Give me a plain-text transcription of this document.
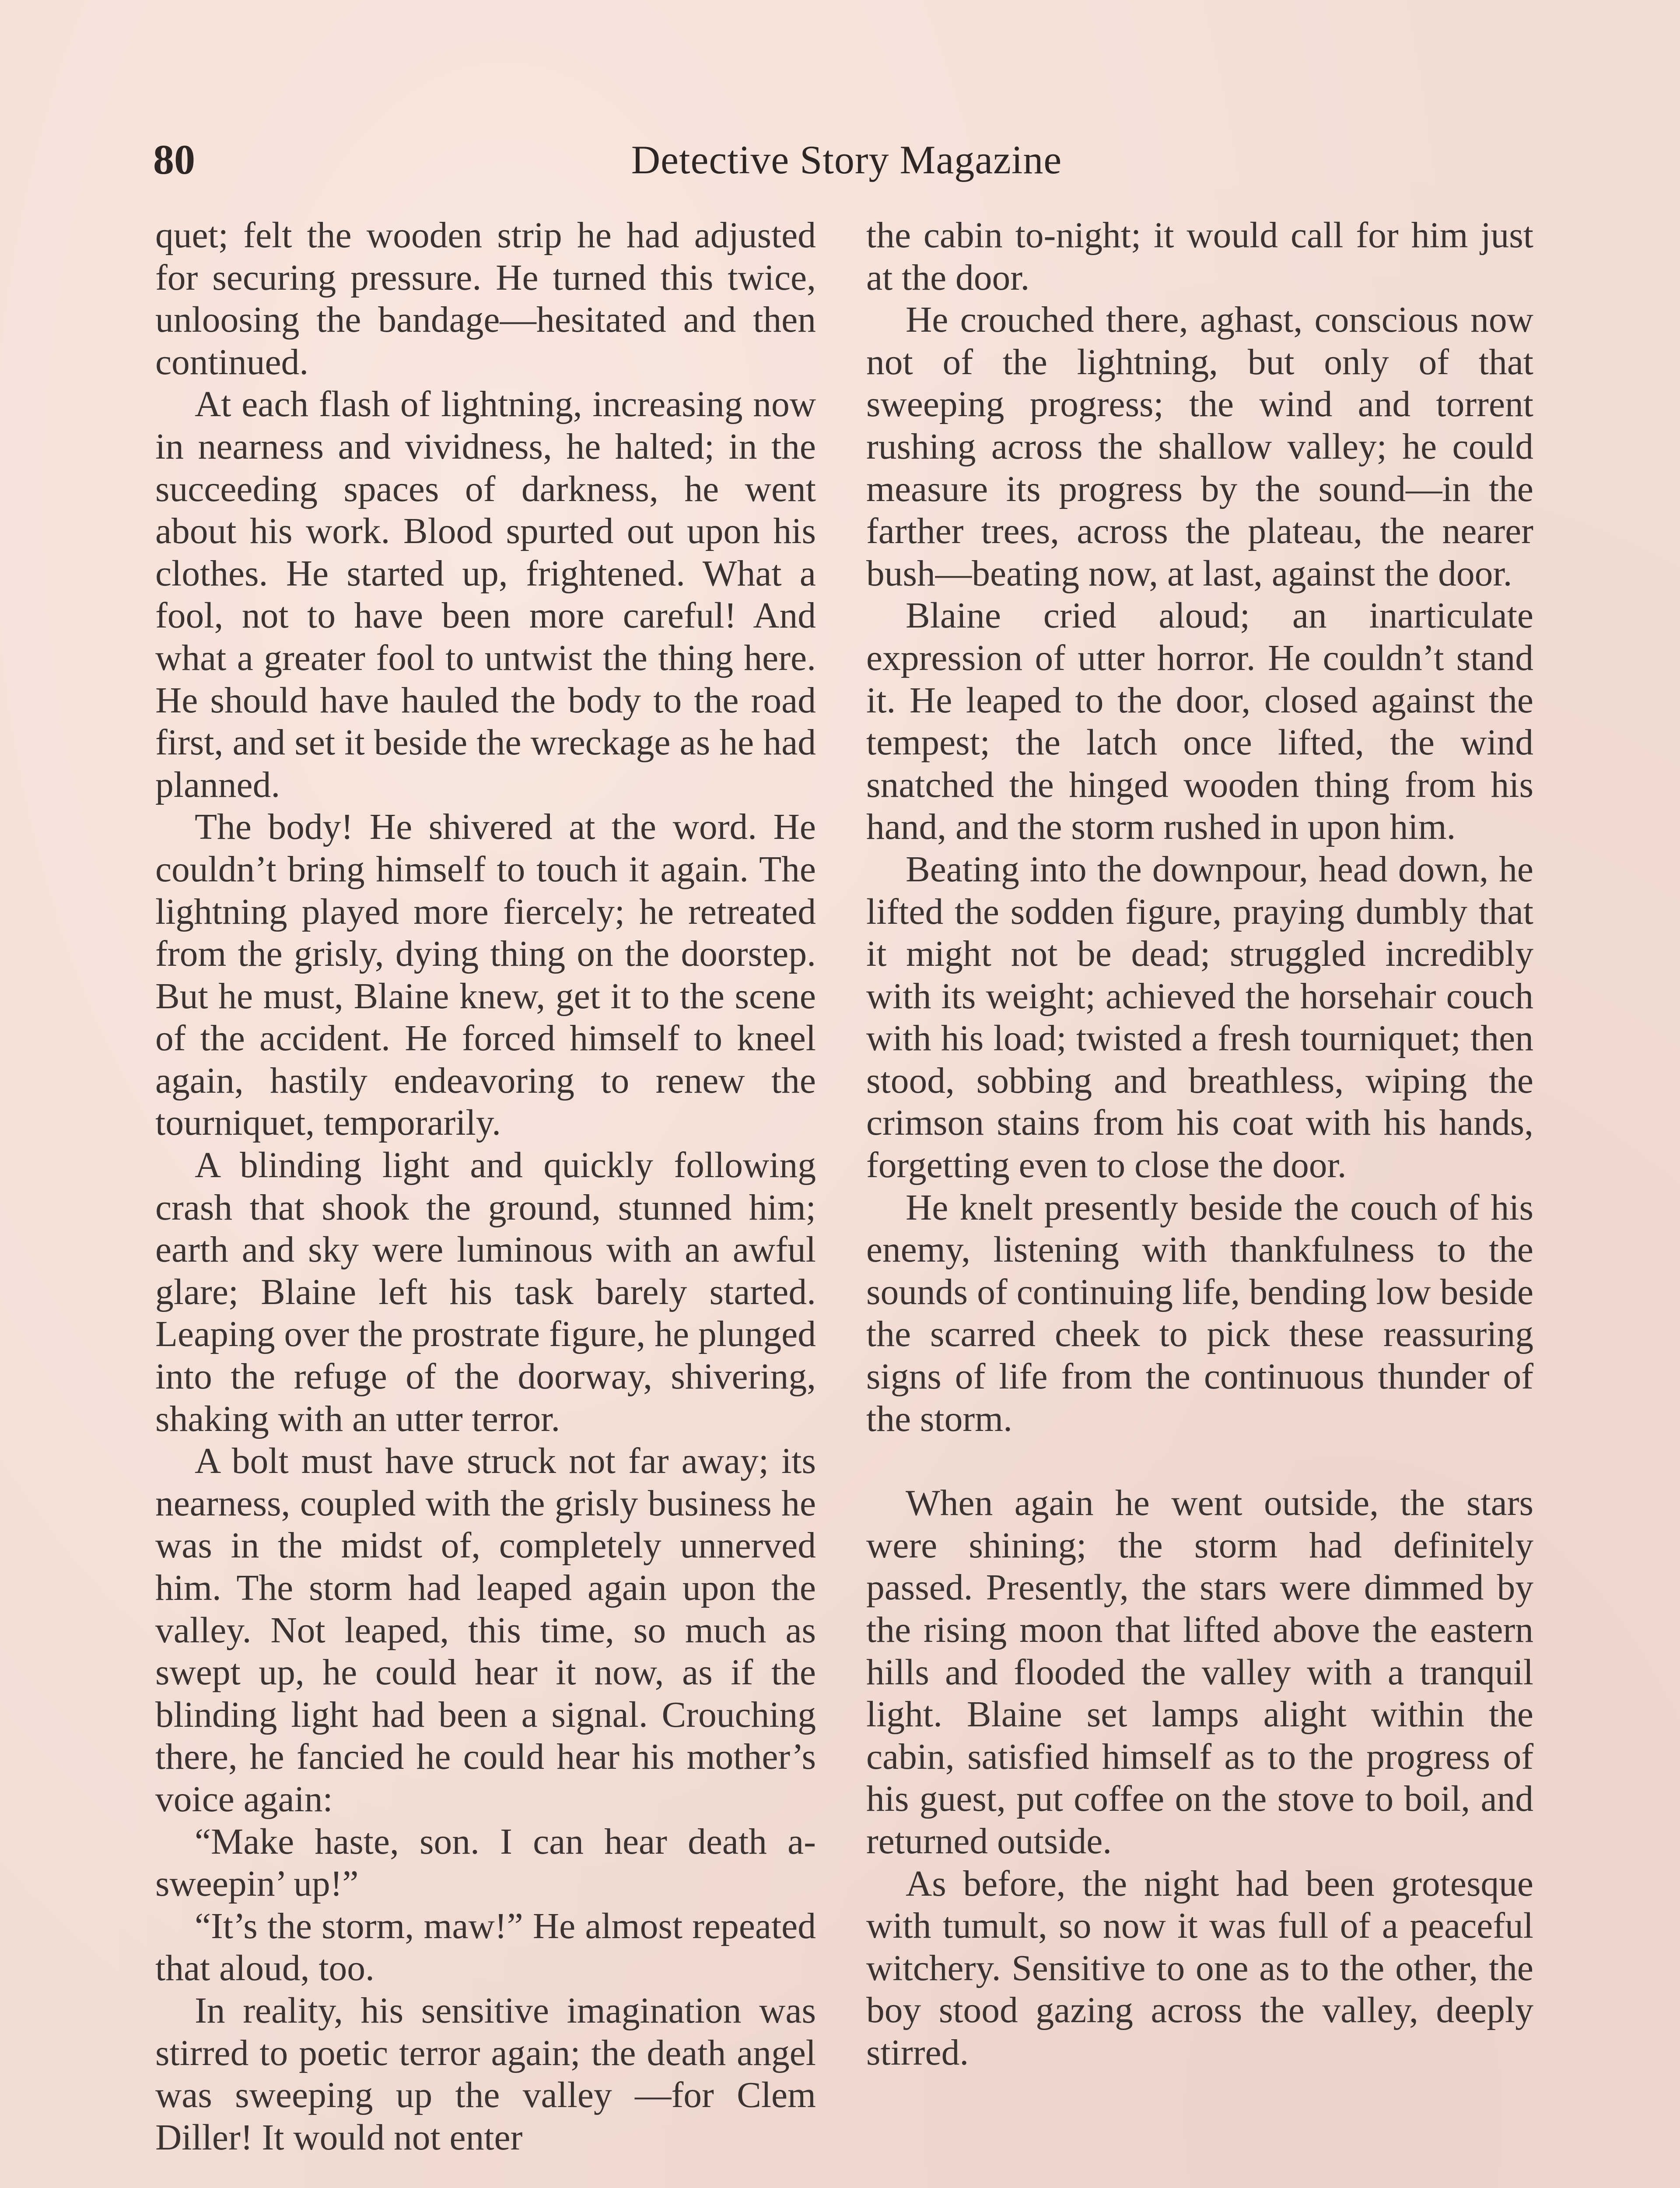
80	Detective Story Magazine

quet; felt the wooden strip he had adjusted for securing pressure. He turned this twice, unloosing the bandage—hesitated and then continued.

At each flash of lightning, increasing now in nearness and vividness, he halted; in the succeeding spaces of darkness, he went about his work. Blood spurted out upon his clothes. He started up, frightened. What a fool, not to have been more careful! And what a greater fool to untwist the thing here. He should have hauled the body to the road first, and set it beside the wreckage as he had planned.

The body! He shivered at the word. He couldn’t bring himself to touch it again. The lightning played more fiercely; he retreated from the grisly, dying thing on the doorstep. But he must, Blaine knew, get it to the scene of the accident. He forced himself to kneel again, hastily endeavoring to renew the tourniquet, temporarily.

A blinding light and quickly following crash that shook the ground, stunned him; earth and sky were luminous with an awful glare; Blaine left his task barely started. Leaping over the prostrate figure, he plunged into the refuge of the doorway, shivering, shaking with an utter terror.

A bolt must have struck not far away; its nearness, coupled with the grisly business he was in the midst of, completely unnerved him. The storm had leaped again upon the valley. Not leaped, this time, so much as swept up, he could hear it now, as if the blinding light had been a signal. Crouching there, he fancied he could hear his mother’s voice again:

“Make haste, son. I can hear death a-sweepin’ up!”

“It’s the storm, maw!” He almost repeated that aloud, too.

In reality, his sensitive imagination was stirred to poetic terror again; the death angel was sweeping up the valley —for Clem Diller! It would not enter

the cabin to-night; it would call for him just at the door.

He crouched there, aghast, conscious now not of the lightning, but only of that sweeping progress; the wind and torrent rushing across the shallow valley; he could measure its progress by the sound—in the farther trees, across the plateau, the nearer bush—beating now, at last, against the door.

Blaine cried aloud; an inarticulate expression of utter horror. He couldn’t stand it. He leaped to the door, closed against the tempest; the latch once lifted, the wind snatched the hinged wooden thing from his hand, and the storm rushed in upon him.

Beating into the downpour, head down, he lifted the sodden figure, praying dumbly that it might not be dead; struggled incredibly with its weight; achieved the horsehair couch with his load; twisted a fresh tourniquet; then stood, sobbing and breathless, wiping the crimson stains from his coat with his hands, forgetting even to close the door.

He knelt presently beside the couch of his enemy, listening with thankfulness to the sounds of continuing life, bending low beside the scarred cheek to pick these reassuring signs of life from the continuous thunder of the storm.

When again he went outside, the stars were shining; the storm had definitely passed. Presently, the stars were dimmed by the rising moon that lifted above the eastern hills and flooded the valley with a tranquil light. Blaine set lamps alight within the cabin, satisfied himself as to the progress of his guest, put coffee on the stove to boil, and returned outside.

As before, the night had been grotesque with tumult, so now it was full of a peaceful witchery. Sensitive to one as to the other, the boy stood gazing across the valley, deeply stirred.
